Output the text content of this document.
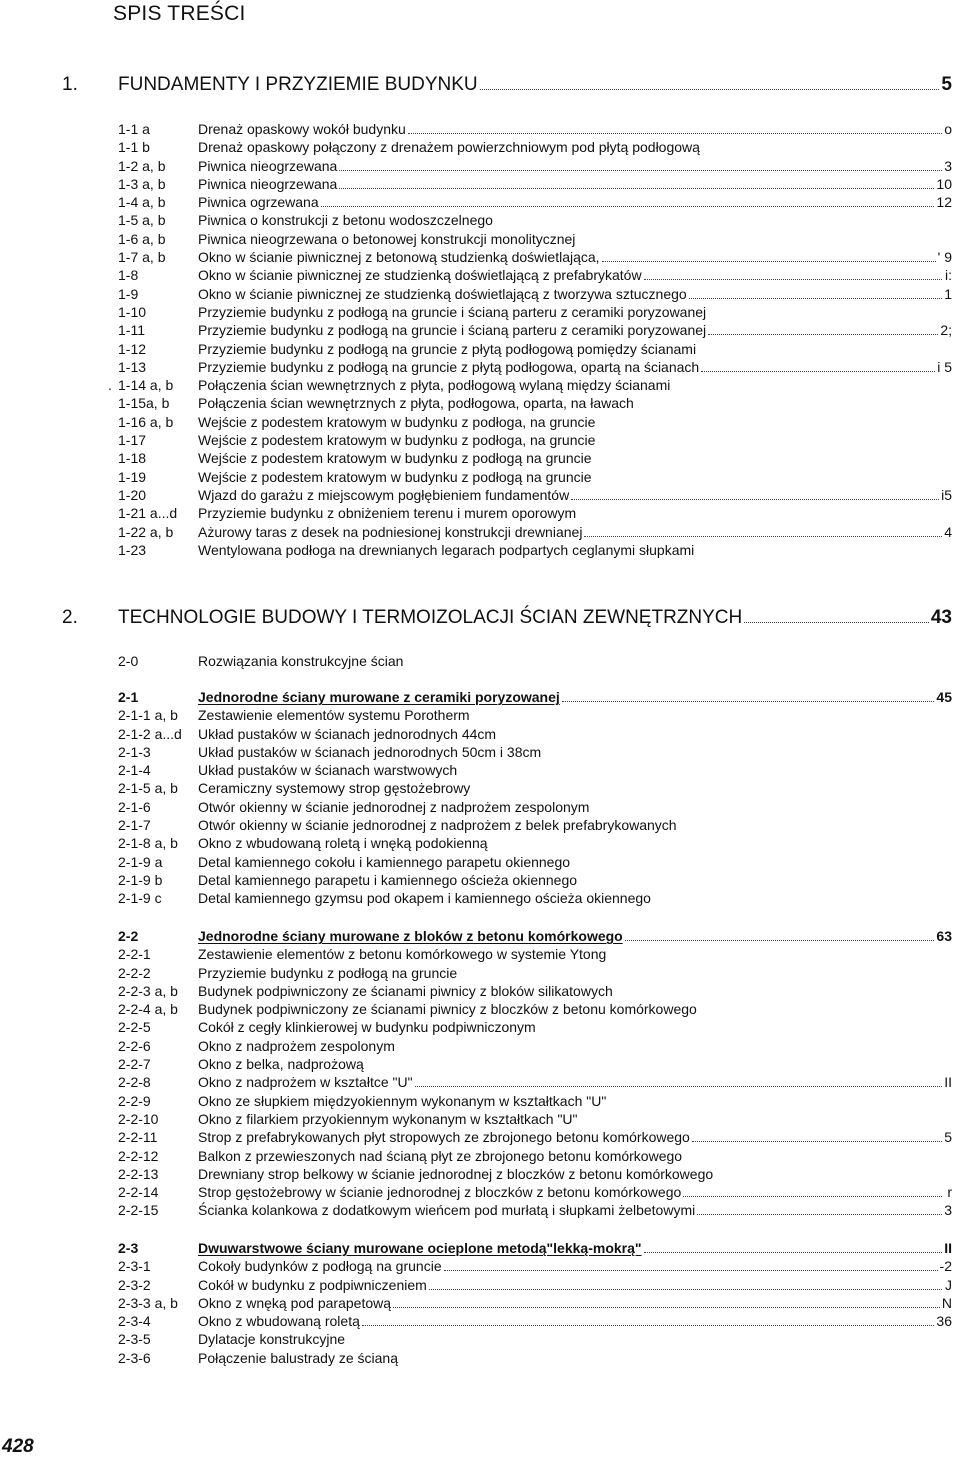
SPIS TREŚCI
1.	FUNDAMENTY I PRZYZIEMIE BUDYNKU	5
1-1 a	Drenaż opaskowy wokół budynku	o
1-1 b	Drenaż opaskowy połączony z drenażem powierzchniowym pod płytą podłogową
1-2 a, b	Piwnica nieogrzewana	3
1-3 a, b	Piwnica nieogrzewana	10
1-4 a, b	Piwnica ogrzewana	12
1-5 a, b	Piwnica o konstrukcji z betonu wodoszczelnego
1-6 a, b	Piwnica nieogrzewana o betonowej konstrukcji monolitycznej
1-7 a, b	Okno w ścianie piwnicznej z betonową studzienką doświetlająca,	' 9
1-8	Okno w ścianie piwnicznej ze studzienką doświetlającą z prefabrykatów	i:
1-9	Okno w ścianie piwnicznej ze studzienką doświetlającą z tworzywa sztucznego	1
1-10	Przyziemie budynku z podłogą na gruncie i ścianą parteru z ceramiki poryzowanej
1-11	Przyziemie budynku z podłogą na gruncie i ścianą parteru z ceramiki poryzowanej	2;
1-12	Przyziemie budynku z podłogą na gruncie z płytą podłogową pomiędzy ścianami
1-13	Przyziemie budynku z podłogą na gruncie z płytą podłogowa, opartą na ścianach	i 5
. 1-14 a, b	Połączenia ścian wewnętrznych z płyta, podłogową wylaną między ścianami
1-15a, b	Połączenia ścian wewnętrznych z płyta, podłogowa, oparta, na ławach
1-16 a, b	Wejście z podestem kratowym w budynku z podłoga, na gruncie
1-17	Wejście z podestem kratowym w budynku z podłoga, na gruncie
1-18	Wejście z podestem kratowym w budynku z podłogą na gruncie
1-19	Wejście z podestem kratowym w budynku z podłogą na gruncie
1-20	Wjazd do garażu z miejscowym pogłębieniem fundamentów	i5
1-21 a...d	Przyziemie budynku z obniżeniem terenu i murem oporowym
1-22 a, b	Ażurowy taras z desek na podniesionej konstrukcji drewnianej	4
1-23	Wentylowana podłoga na drewnianych legarach podpartych ceglanymi słupkami
2.	TECHNOLOGIE BUDOWY I TERMOIZOLACJI ŚCIAN ZEWNĘTRZNYCH	43
2-0	Rozwiązania konstrukcyjne ścian
2-1	Jednorodne ściany murowane z ceramiki poryzowanej	45
2-1-1 a, b	Zestawienie elementów systemu Porotherm
2-1-2 a...d	Układ pustaków w ścianach jednorodnych 44cm
2-1-3	Układ pustaków w ścianach jednorodnych 50cm i 38cm
2-1-4	Układ pustaków w ścianach warstwowych
2-1-5 a, b	Ceramiczny systemowy strop gęstożebrowy
2-1-6	Otwór okienny w ścianie jednorodnej z nadprożem zespolonym
2-1-7	Otwór okienny w ścianie jednorodnej z nadprożem z belek prefabrykowanych
2-1-8 a, b	Okno z wbudowaną roletą i wnęką podokienną
2-1-9 a	Detal kamiennego cokołu i kamiennego parapetu okiennego
2-1-9 b	Detal kamiennego parapetu i kamiennego ościeża okiennego
2-1-9 c	Detal kamiennego gzymsu pod okapem i kamiennego ościeża okiennego
2-2	Jednorodne ściany murowane z bloków z betonu komórkowego	63
2-2-1	Zestawienie elementów z betonu komórkowego w systemie Ytong
2-2-2	Przyziemie budynku z podłogą na gruncie
2-2-3 a, b	Budynek podpiwniczony ze ścianami piwnicy z bloków silikatowych
2-2-4 a, b	Budynek podpiwniczony ze ścianami piwnicy z bloczków z betonu komórkowego
2-2-5	Cokół z cegły klinkierowej w budynku podpiwniczonym
2-2-6	Okno z nadprożem zespolonym
2-2-7	Okno z belka, nadprożową
2-2-8	Okno z nadprożem w kształtce "U"	II
2-2-9	Okno ze słupkiem międzyokiennym wykonanym w kształtkach "U"
2-2-10	Okno z filarkiem przyokiennym wykonanym w kształtkach "U"
2-2-11	Strop z prefabrykowanych płyt stropowych ze zbrojonego betonu komórkowego	5
2-2-12	Balkon z przewieszonych nad ścianą płyt ze zbrojonego betonu komórkowego
2-2-13	Drewniany strop belkowy w ścianie jednorodnej z bloczków z betonu komórkowego
2-2-14	Strop gęstożebrowy w ścianie jednorodnej z bloczków z betonu komórkowego	r
2-2-15	Ścianka kolankowa z dodatkowym wieńcem pod murłatą i słupkami żelbetowymi	3
2-3	Dwuwarstwowe ściany murowane ocieplone metodą"lekką-mokrą"	II
2-3-1	Cokoły budynków z podłogą na gruncie	-2
2-3-2	Cokół w budynku z podpiwniczeniem	J
2-3-3 a, b	Okno z wnęką pod parapetową	N
2-3-4	Okno z wbudowaną roletą	36
2-3-5	Dylatacje konstrukcyjne
2-3-6	Połączenie balustrady ze ścianą
428
